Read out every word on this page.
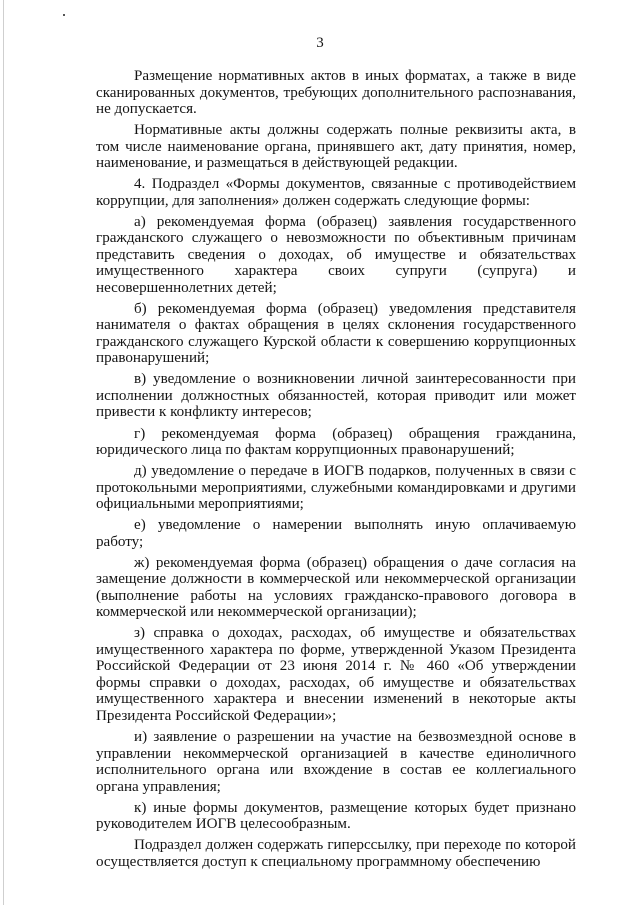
3

Размещение нормативных актов в иных форматах, а также в виде сканированных документов, требующих дополнительного распознавания, не допускается.

Нормативные акты должны содержать полные реквизиты акта, в том числе наименование органа, принявшего акт, дату принятия, номер, наименование, и размещаться в действующей редакции.

4. Подраздел «Формы документов, связанные с противодействием коррупции, для заполнения» должен содержать следующие формы:

а) рекомендуемая форма (образец) заявления государственного гражданского служащего о невозможности по объективным причинам представить сведения о доходах, об имуществе и обязательствах имущественного характера своих супруги (супруга) и несовершеннолетних детей;

б) рекомендуемая форма (образец) уведомления представителя нанимателя о фактах обращения в целях склонения государственного гражданского служащего Курской области к совершению коррупционных правонарушений;

в) уведомление о возникновении личной заинтересованности при исполнении должностных обязанностей, которая приводит или может привести к конфликту интересов;

г) рекомендуемая форма (образец) обращения гражданина, юридического лица по фактам коррупционных правонарушений;

д) уведомление о передаче в ИОГВ подарков, полученных в связи с протокольными мероприятиями, служебными командировками и другими официальными мероприятиями;

е) уведомление о намерении выполнять иную оплачиваемую работу;

ж) рекомендуемая форма (образец) обращения о даче согласия на замещение должности в коммерческой или некоммерческой организации (выполнение работы на условиях гражданско-правового договора в коммерческой или некоммерческой организации);

з) справка о доходах, расходах, об имуществе и обязательствах имущественного характера по форме, утвержденной Указом Президента Российской Федерации от 23 июня 2014 г. № 460 «Об утверждении формы справки о доходах, расходах, об имуществе и обязательствах имущественного характера и внесении изменений в некоторые акты Президента Российской Федерации»;

и) заявление о разрешении на участие на безвозмездной основе в управлении некоммерческой организацией в качестве единоличного исполнительного органа или вхождение в состав ее коллегиального органа управления;

к) иные формы документов, размещение которых будет признано руководителем ИОГВ целесообразным.

Подраздел должен содержать гиперссылку, при переходе по которой осуществляется доступ к специальному программному обеспечению
